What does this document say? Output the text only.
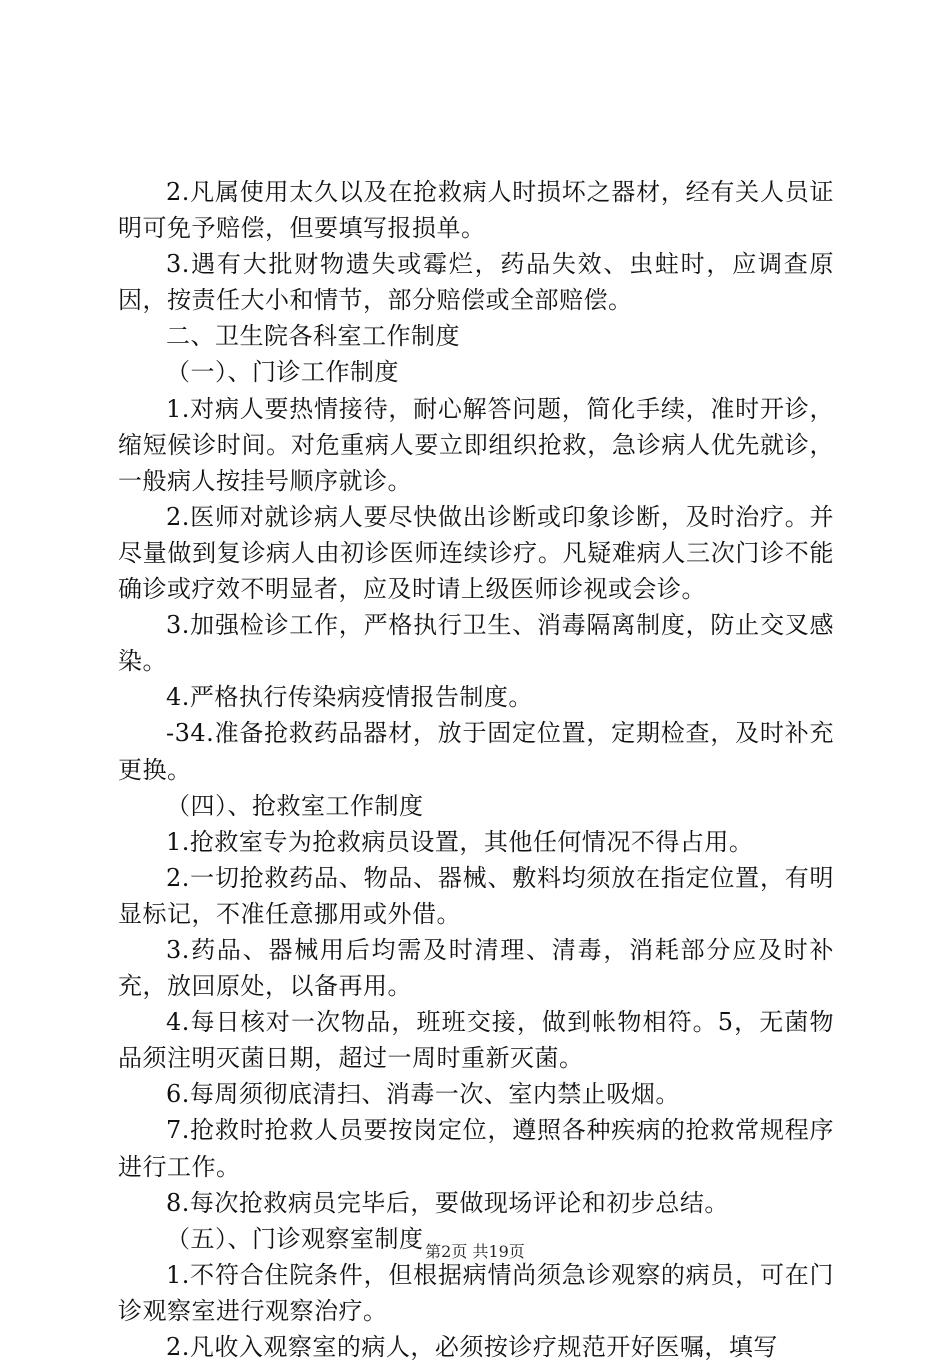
2.凡属使用太久以及在抢救病人时损坏之器材，经有关人员证明可免予赔偿，但要填写报损单。

3.遇有大批财物遗失或霉烂，药品失效、虫蛀时，应调查原因，按责任大小和情节，部分赔偿或全部赔偿。

二、卫生院各科室工作制度

（一）、门诊工作制度

1.对病人要热情接待，耐心解答问题，简化手续，准时开诊，缩短候诊时间。对危重病人要立即组织抢救，急诊病人优先就诊，一般病人按挂号顺序就诊。

2.医师对就诊病人要尽快做出诊断或印象诊断，及时治疗。并尽量做到复诊病人由初诊医师连续诊疗。凡疑难病人三次门诊不能确诊或疗效不明显者，应及时请上级医师诊视或会诊。

3.加强检诊工作，严格执行卫生、消毒隔离制度，防止交叉感染。

4.严格执行传染病疫情报告制度。

-34.准备抢救药品器材，放于固定位置，定期检查，及时补充更换。

（四）、抢救室工作制度

1.抢救室专为抢救病员设置，其他任何情况不得占用。

2.一切抢救药品、物品、器械、敷料均须放在指定位置，有明显标记，不准任意挪用或外借。

3.药品、器械用后均需及时清理、清毒，消耗部分应及时补充，放回原处，以备再用。

4.每日核对一次物品，班班交接，做到帐物相符。5，无菌物品须注明灭菌日期，超过一周时重新灭菌。

6.每周须彻底清扫、消毒一次、室内禁止吸烟。

7.抢救时抢救人员要按岗定位，遵照各种疾病的抢救常规程序进行工作。

8.每次抢救病员完毕后，要做现场评论和初步总结。

（五）、门诊观察室制度

1.不符合住院条件，但根据病情尚须急诊观察的病员，可在门诊观察室进行观察治疗。

2.凡收入观察室的病人，必须按诊疗规范开好医嘱，填写

第2页 共19页
